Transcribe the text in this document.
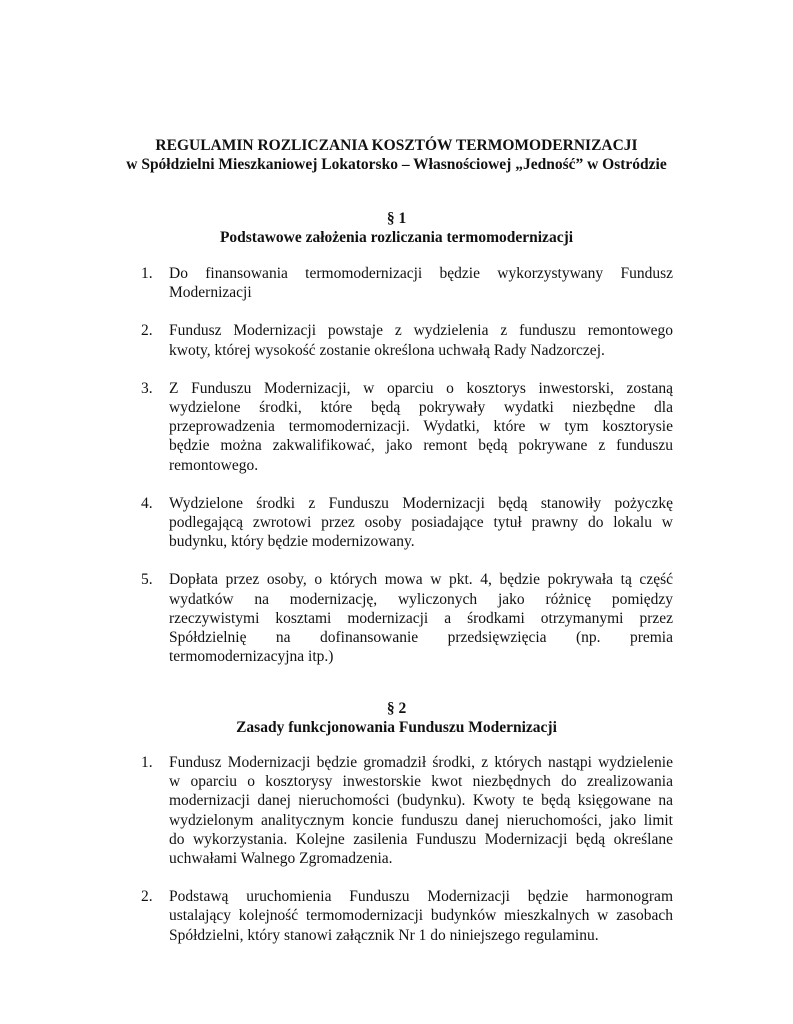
REGULAMIN ROZLICZANIA KOSZTÓW TERMOMODERNIZACJI
w Spółdzielni Mieszkaniowej Lokatorsko – Własnościowej „Jedność” w Ostródzie
§ 1
Podstawowe założenia rozliczania termomodernizacji
1. Do finansowania termomodernizacji będzie wykorzystywany Fundusz
Modernizacji
2. Fundusz Modernizacji powstaje z wydzielenia z funduszu remontowego
kwoty, której wysokość zostanie określona uchwałą Rady Nadzorczej.
3. Z Funduszu Modernizacji, w oparciu o kosztorys inwestorski, zostaną
wydzielone środki, które będą pokrywały wydatki niezbędne dla
przeprowadzenia termomodernizacji. Wydatki, które w tym kosztorysie
będzie można zakwalifikować, jako remont będą pokrywane z funduszu
remontowego.
4. Wydzielone środki z Funduszu Modernizacji będą stanowiły pożyczkę
podlegającą zwrotowi przez osoby posiadające tytuł prawny do lokalu w
budynku, który będzie modernizowany.
5. Dopłata przez osoby, o których mowa w pkt. 4, będzie pokrywała tą część
wydatków na modernizację, wyliczonych jako różnicę pomiędzy
rzeczywistymi kosztami modernizacji a środkami otrzymanymi przez
Spółdzielnię na dofinansowanie przedsięwzięcia (np. premia
termomodernizacyjna itp.)
§ 2
Zasady funkcjonowania Funduszu Modernizacji
1. Fundusz Modernizacji będzie gromadził środki, z których nastąpi wydzielenie
w oparciu o kosztorysy inwestorskie kwot niezbędnych do zrealizowania
modernizacji danej nieruchomości (budynku). Kwoty te będą księgowane na
wydzielonym analitycznym koncie funduszu danej nieruchomości, jako limit
do wykorzystania. Kolejne zasilenia Funduszu Modernizacji będą określane
uchwałami Walnego Zgromadzenia.
2. Podstawą uruchomienia Funduszu Modernizacji będzie harmonogram
ustalający kolejność termomodernizacji budynków mieszkalnych w zasobach
Spółdzielni, który stanowi załącznik Nr 1 do niniejszego regulaminu.
